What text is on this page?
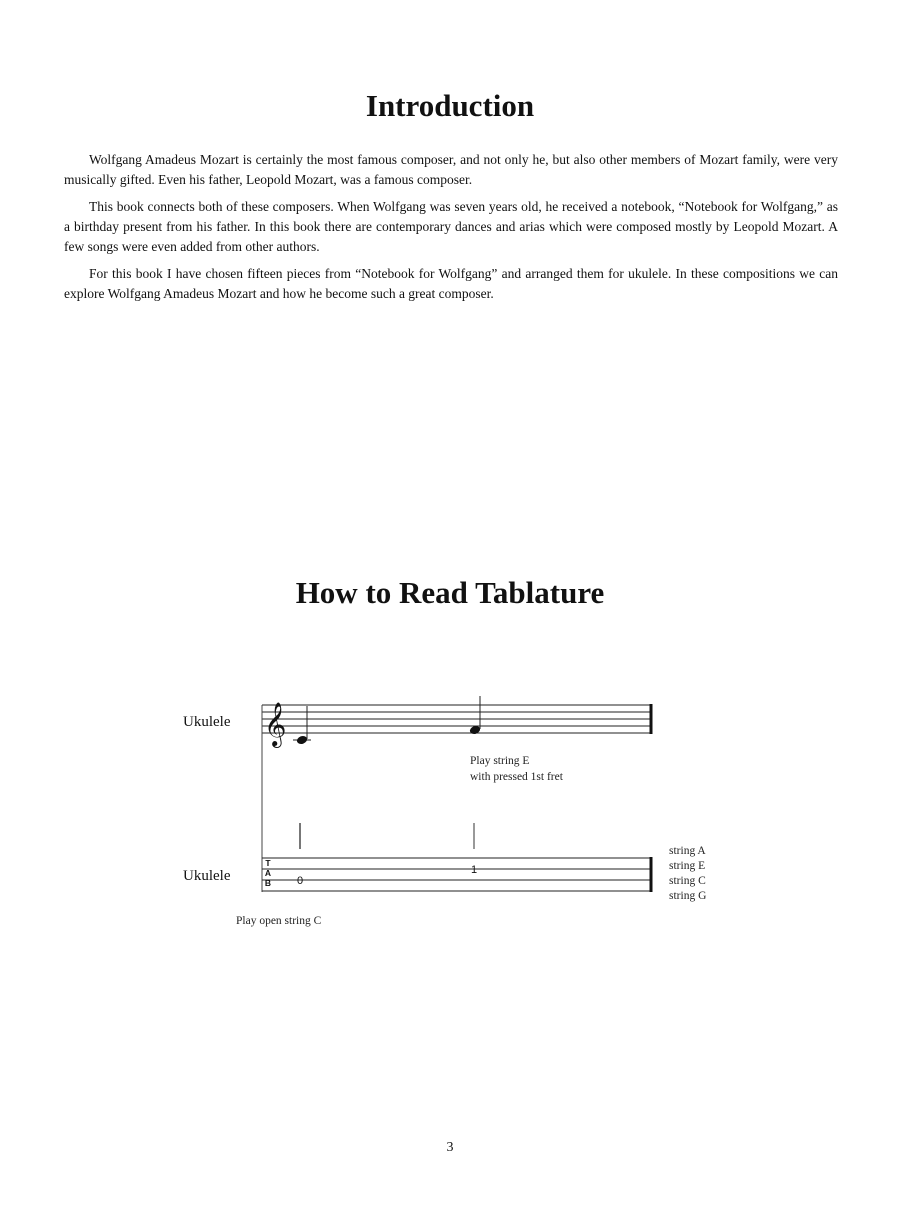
Introduction

Wolfgang Amadeus Mozart is certainly the most famous composer, and not only he, but also other members of Mozart family, were very musically gifted. Even his father, Leopold Mozart, was a famous composer.

This book connects both of these composers. When Wolfgang was seven years old, he received a notebook, “Notebook for Wolfgang,” as a birthday present from his father. In this book there are contemporary dances and arias which were composed mostly by Leopold Mozart. A few songs were even added from other authors.

For this book I have chosen fifteen pieces from “Notebook for Wolfgang” and arranged them for ukulele. In these compositions we can explore Wolfgang Amadeus Mozart and how he become such a great composer.

How to Read Tablature
Ukulele 𝄞
Play string E
with pressed 1st fret
Ukulele
T
A
B 0
1
string A
string E
string C
string G
Play open string C
3
